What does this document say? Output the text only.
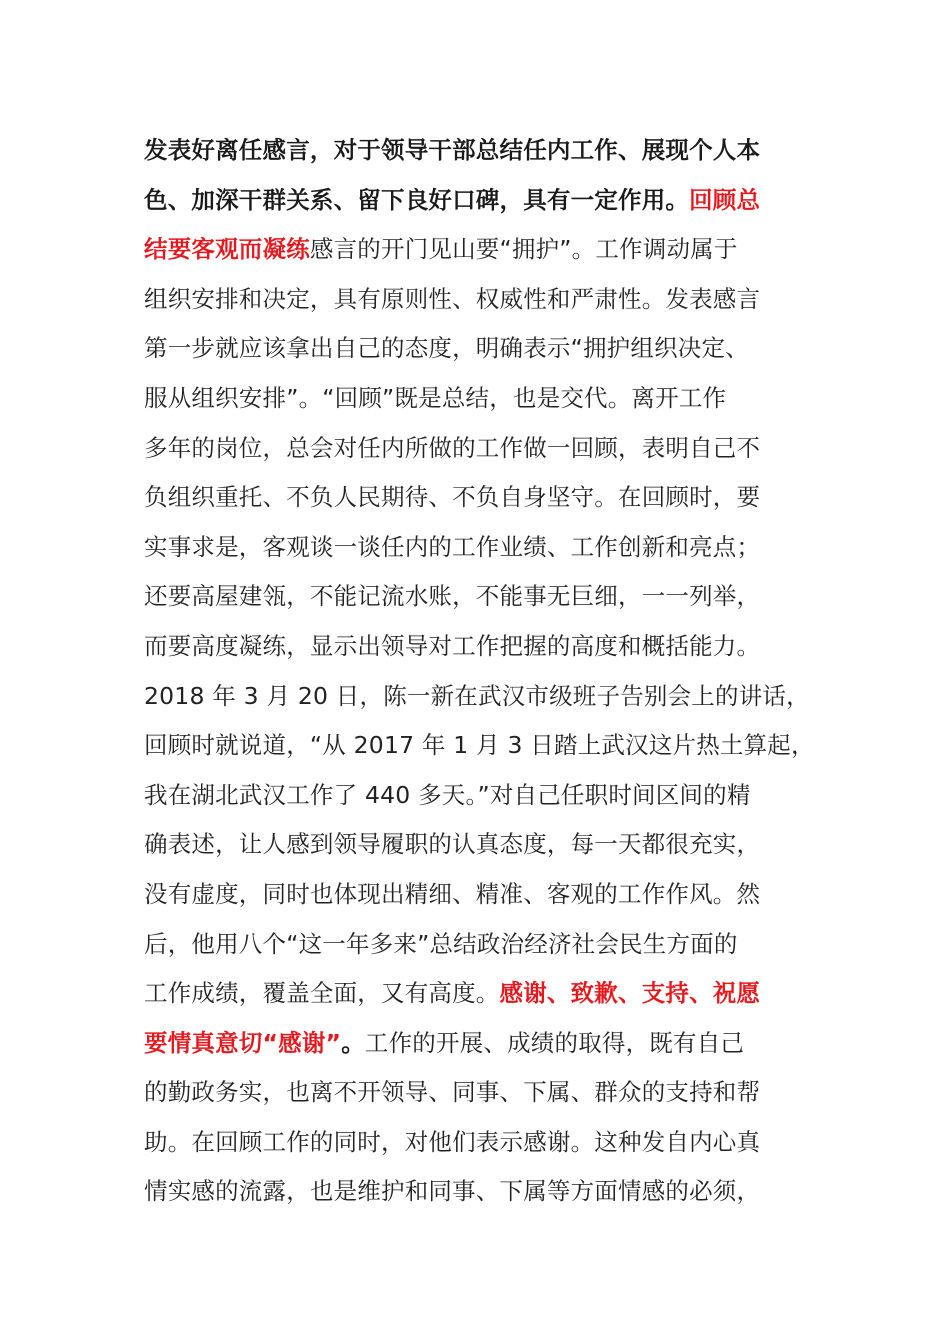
发表好离任感言，对于领导干部总结任内工作、展现个人本
色、加深干群关系、留下良好口碑，具有一定作用。回顾总
结要客观而凝练感言的开门见山要“拥护”。工作调动属于
组织安排和决定，具有原则性、权威性和严肃性。发表感言
第一步就应该拿出自己的态度，明确表示“拥护组织决定、
服从组织安排”。“回顾”既是总结，也是交代。离开工作
多年的岗位，总会对任内所做的工作做一回顾，表明自己不
负组织重托、不负人民期待、不负自身坚守。在回顾时，要
实事求是，客观谈一谈任内的工作业绩、工作创新和亮点；
还要高屋建瓴，不能记流水账，不能事无巨细，一一列举，
而要高度凝练，显示出领导对工作把握的高度和概括能力。
2018 年 3 月 20 日，陈一新在武汉市级班子告别会上的讲话，
回顾时就说道，“从 2017 年 1 月 3 日踏上武汉这片热土算起，
我在湖北武汉工作了 440 多天。”对自己任职时间区间的精
确表述，让人感到领导履职的认真态度，每一天都很充实，
没有虚度，同时也体现出精细、精准、客观的工作作风。然
后，他用八个“这一年多来”总结政治经济社会民生方面的
工作成绩，覆盖全面，又有高度。感谢、致歉、支持、祝愿
要情真意切“感谢”。工作的开展、成绩的取得，既有自己
的勤政务实，也离不开领导、同事、下属、群众的支持和帮
助。在回顾工作的同时，对他们表示感谢。这种发自内心真
情实感的流露，也是维护和同事、下属等方面情感的必须，
